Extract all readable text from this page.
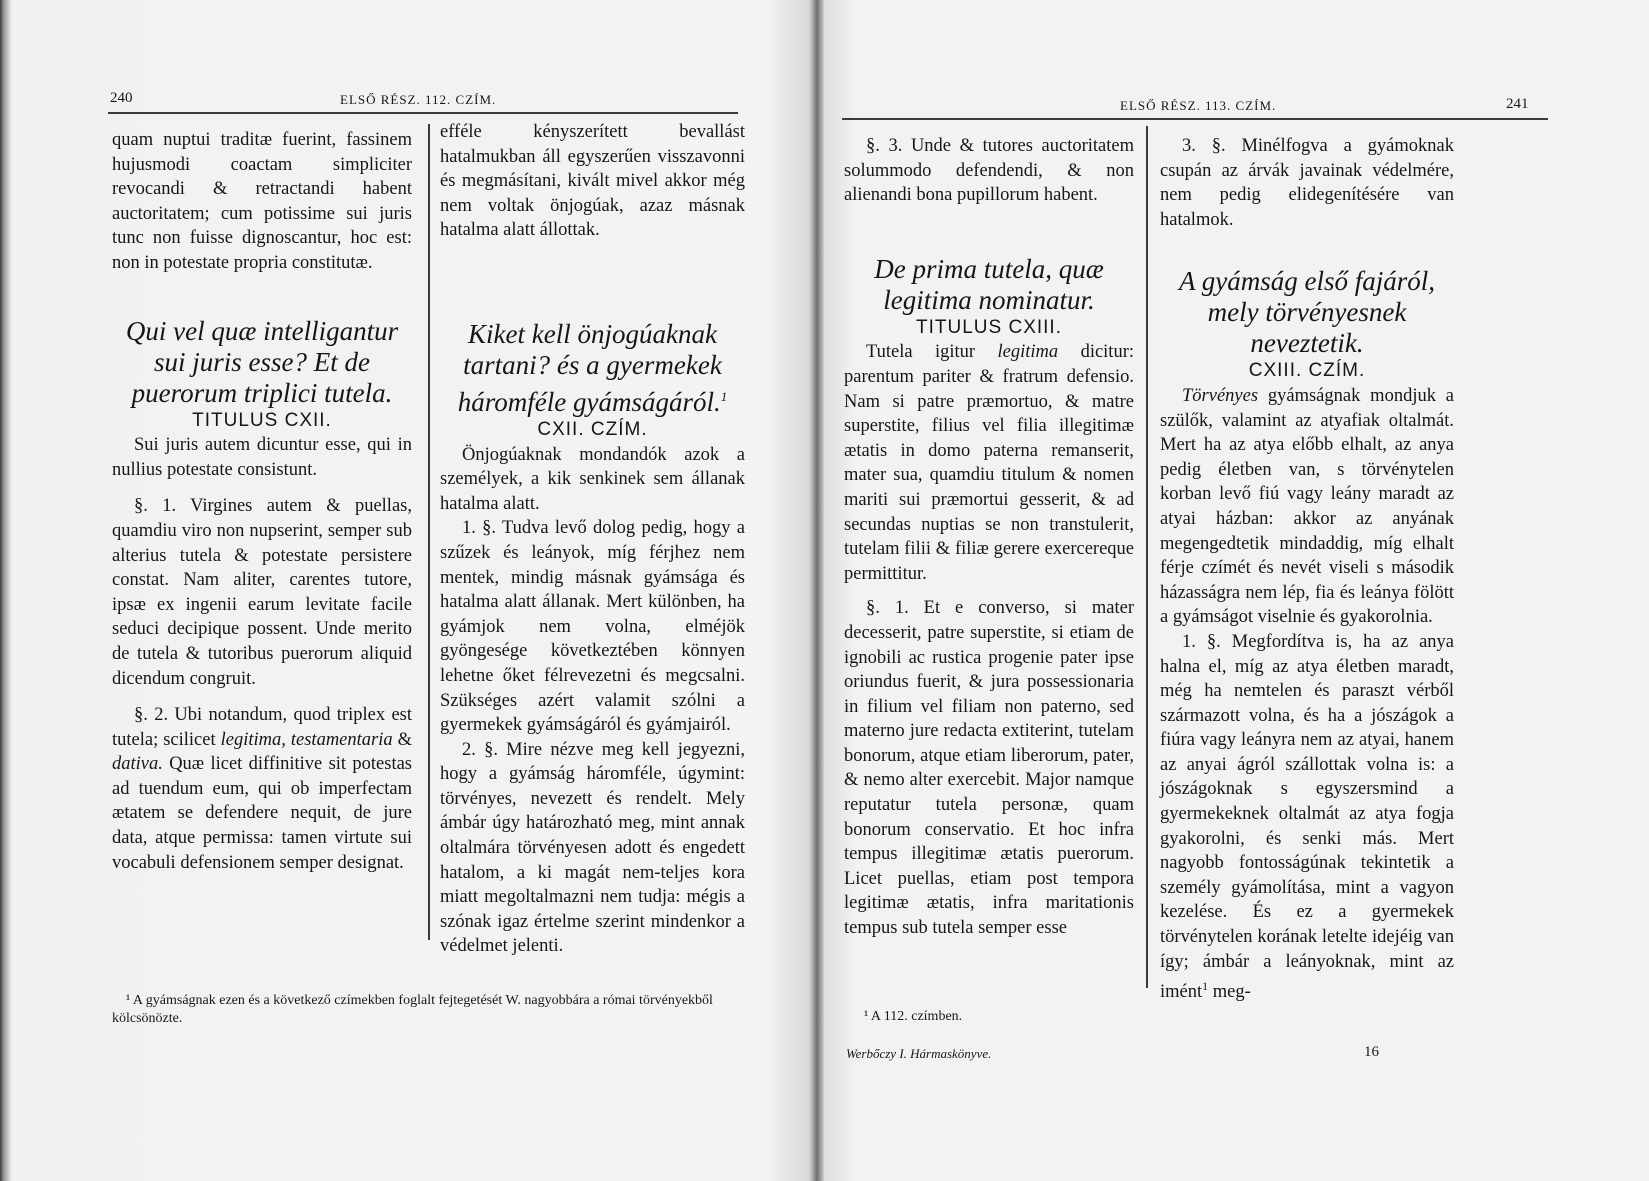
240	ELSŐ RÉSZ. 112. CZÍM.

quam nuptui traditæ fuerint, fassinem hujusmodi coactam simpliciter revocandi & retractandi habent auctoritatem; cum potissime sui juris tunc non fuisse dignoscantur, hoc est: non in potestate propria constitutæ.

Qui vel quæ intelligantur sui juris esse? Et de puerorum triplici tutela.

TITULUS CXII.

Sui juris autem dicuntur esse, qui in nullius potestate consistunt.

§. 1. Virgines autem & puellas, quamdiu viro non nupserint, semper sub alterius tutela & potestate persistere constat. Nam aliter, carentes tutore, ipsæ ex ingenii earum levitate facile seduci decipique possent. Unde merito de tutela & tutoribus puerorum aliquid dicendum congruit.

§. 2. Ubi notandum, quod triplex est tutela; scilicet legitima, testamentaria & dativa. Quæ licet diffinitive sit potestas ad tuendum eum, qui ob imperfectam ætatem se defendere nequit, de jure data, atque permissa: tamen virtute sui vocabuli defensionem semper designat.

efféle kényszerített bevallást hatalmukban áll egyszerűen visszavonni és megmásítani, kivált mivel akkor még nem voltak önjogúak, azaz másnak hatalma alatt állottak.

Kiket kell önjogúaknak tartani? és a gyermekek háromféle gyámságáról.$^1$

CXII. CZÍM.

Önjogúaknak mondandók azok a személyek, a kik senkinek sem állanak hatalma alatt.

1. §. Tudva levő dolog pedig, hogy a szűzek és leányok, míg férjhez nem mentek, mindig másnak gyámsága és hatalma alatt állanak. Mert különben, ha gyámjok nem volna, elméjök gyöngesége következtében könnyen lehetne őket félrevezetni és megcsalni. Szükséges azért valamit szólni a gyermekek gyámságáról és gyámjairól.

2. §. Mire nézve meg kell jegyezni, hogy a gyámság háromféle, úgymint: törvényes, nevezett és rendelt. Mely ámbár úgy határozható meg, mint annak oltalmára törvényesen adott és engedett hatalom, a ki magát nem-teljes kora miatt megoltalmazni nem tudja: mégis a szónak igaz értelme szerint mindenkor a védelmet jelenti.

¹ A gyámságnak ezen és a következő czímekben foglalt fejtegetését W. nagyobbára a római törvényekből kölcsönözte.
ELSŐ RÉSZ. 113. CZÍM.	241

§. 3. Unde & tutores auctoritatem solummodo defendendi, & non alienandi bona pupillorum habent.

De prima tutela, quæ legitima nominatur.

TITULUS CXIII.

Tutela igitur legitima dicitur: parentum pariter & fratrum defensio. Nam si patre præmortuo, & matre superstite, filius vel filia illegitimæ ætatis in domo paterna remanserit, mater sua, quamdiu titulum & nomen mariti sui præmortui gesserit, & ad secundas nuptias se non transtulerit, tutelam filii & filiæ gerere exercereque permittitur.

§. 1. Et e converso, si mater decesserit, patre superstite, si etiam de ignobili ac rustica progenie pater ipse oriundus fuerit, & jura possessionaria in filium vel filiam non paterno, sed materno jure redacta extiterint, tutelam bonorum, atque etiam liberorum, pater, & nemo alter exercebit. Major namque reputatur tutela personæ, quam bonorum conservatio. Et hoc infra tempus illegitimæ ætatis puerorum. Licet puellas, etiam post tempora legitimæ ætatis, infra maritationis tempus sub tutela semper esse

3. §. Minélfogva a gyámoknak csupán az árvák javainak védelmére, nem pedig elidegenítésére van hatalmok.

A gyámság első fajáról, mely törvényesnek neveztetik.

CXIII. CZÍM.

Törvényes gyámságnak mondjuk a szülők, valamint az atyafiak oltalmát. Mert ha az atya előbb elhalt, az anya pedig életben van, s törvénytelen korban levő fiú vagy leány maradt az atyai házban: akkor az anyának megengedtetik mindaddig, míg elhalt férje czímét és nevét viseli s második házasságra nem lép, fia és leánya fölött a gyámságot viselnie és gyakorolnia.

1. §. Megfordítva is, ha az anya halna el, míg az atya életben maradt, még ha nemtelen és paraszt vérből származott volna, és ha a jószágok a fiúra vagy leányra nem az atyai, hanem az anyai ágról szállottak volna is: a jószágoknak s egyszersmind a gyermekeknek oltalmát az atya fogja gyakorolni, és senki más. Mert nagyobb fontosságúnak tekintetik a személy gyámolítása, mint a vagyon kezelése. És ez a gyermekek törvénytelen korának letelte idejéig van így; ámbár a leányoknak, mint az imént$^1$ meg-

¹ A 112. czímben.
Werbőczy I. Hármaskönyve.	16
